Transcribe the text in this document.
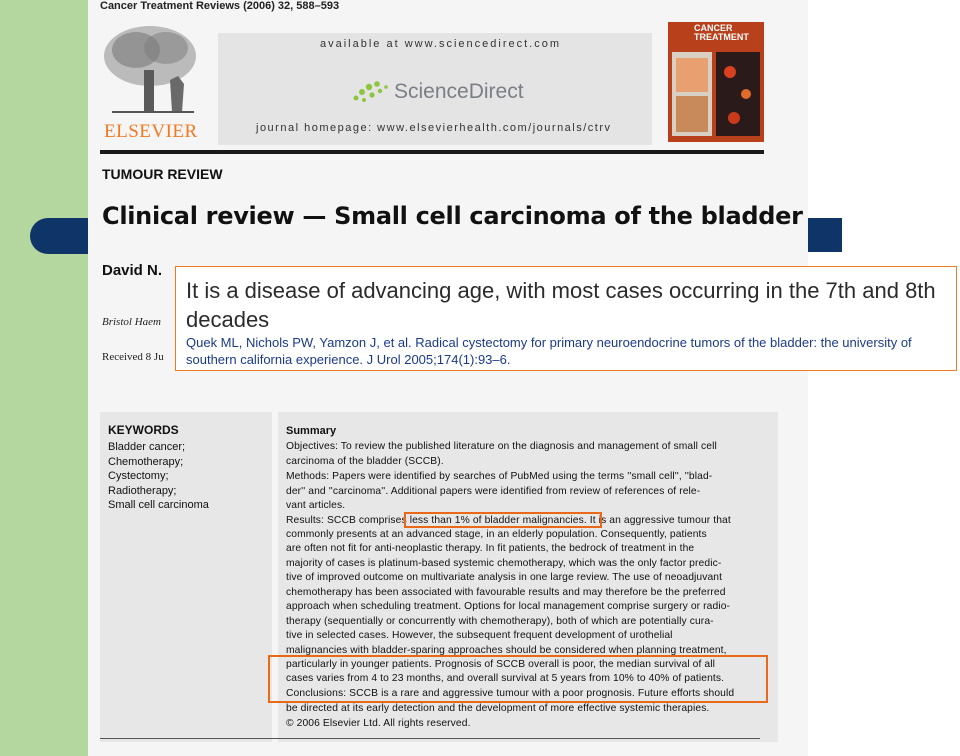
Cancer Treatment Reviews (2006) 32, 588–593
available at www.sciencedirect.com
ScienceDirect
journal homepage: www.elsevierhealth.com/journals/ctrv
ELSEVIER
CANCER TREATMENT
TUMOUR REVIEW
Clinical review — Small cell carcinoma of the bladder
David N.
Bristol Haem
Received 8 Ju
It is a disease of advancing age, with most cases occurring in the 7th and 8th decades
Quek ML, Nichols PW, Yamzon J, et al. Radical cystectomy for primary neuroendocrine tumors of the bladder: the university of southern california experience. J Urol 2005;174(1):93–6.
KEYWORDS
Bladder cancer;
Chemotherapy;
Cystectomy;
Radiotherapy;
Small cell carcinoma
Summary
Objectives: To review the published literature on the diagnosis and management of small cell
carcinoma of the bladder (SCCB).
Methods: Papers were identified by searches of PubMed using the terms ''small cell'', ''blad-
der'' and ''carcinoma''. Additional papers were identified from review of references of rele-
vant articles.
Results: SCCB comprises less than 1% of bladder malignancies. It is an aggressive tumour that
commonly presents at an advanced stage, in an elderly population. Consequently, patients
are often not fit for anti-neoplastic therapy. In fit patients, the bedrock of treatment in the
majority of cases is platinum-based systemic chemotherapy, which was the only factor predic-
tive of improved outcome on multivariate analysis in one large review. The use of neoadjuvant
chemotherapy has been associated with favourable results and may therefore be the preferred
approach when scheduling treatment. Options for local management comprise surgery or radio-
therapy (sequentially or concurrently with chemotherapy), both of which are potentially cura-
tive in selected cases. However, the subsequent frequent development of urothelial
malignancies with bladder-sparing approaches should be considered when planning treatment,
particularly in younger patients. Prognosis of SCCB overall is poor, the median survival of all
cases varies from 4 to 23 months, and overall survival at 5 years from 10% to 40% of patients.
Conclusions: SCCB is a rare and aggressive tumour with a poor prognosis. Future efforts should
be directed at its early detection and the development of more effective systemic therapies.
© 2006 Elsevier Ltd. All rights reserved.
